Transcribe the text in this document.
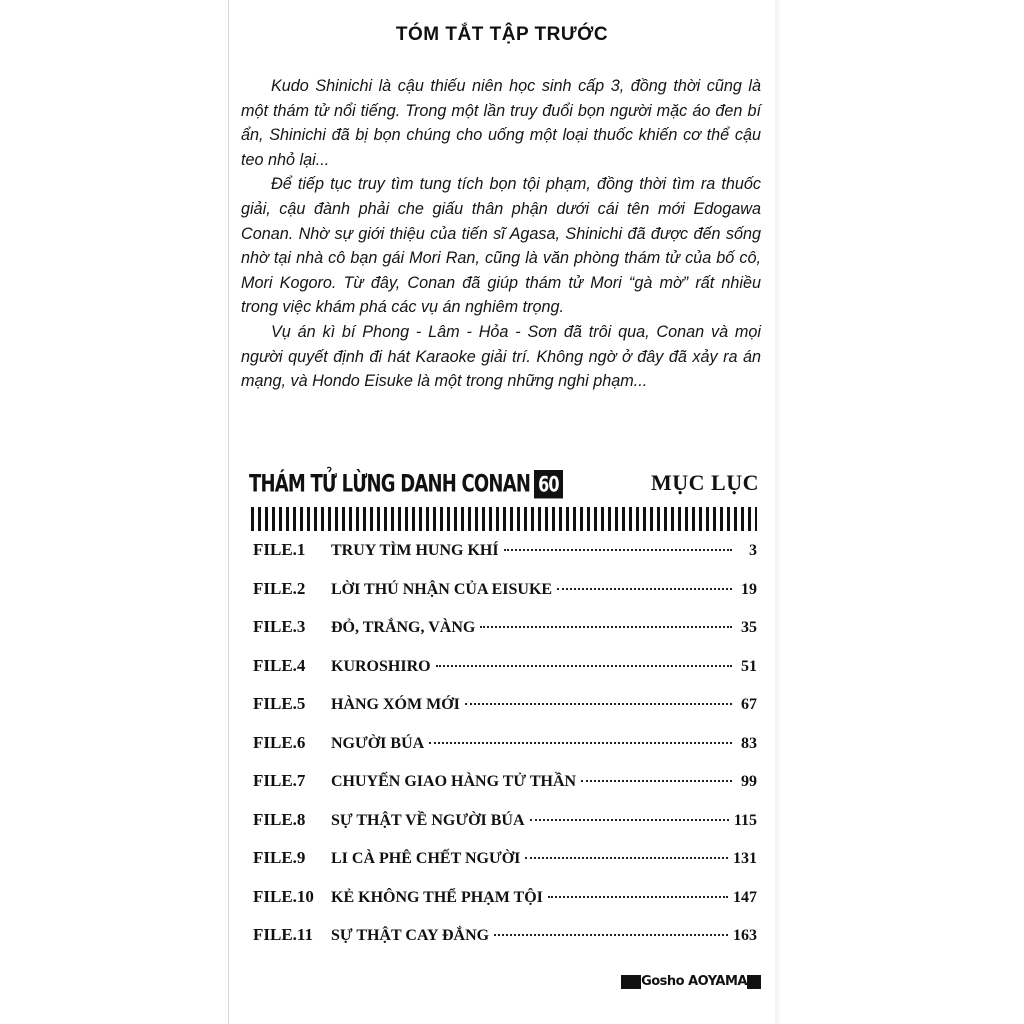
TÓM TẮT TẬP TRƯỚC

Kudo Shinichi là cậu thiếu niên học sinh cấp 3, đồng thời cũng là một thám tử nổi tiếng. Trong một lần truy đuổi bọn người mặc áo đen bí ẩn, Shinichi đã bị bọn chúng cho uống một loại thuốc khiến cơ thể cậu teo nhỏ lại...

Để tiếp tục truy tìm tung tích bọn tội phạm, đồng thời tìm ra thuốc giải, cậu đành phải che giấu thân phận dưới cái tên mới Edogawa Conan. Nhờ sự giới thiệu của tiến sĩ Agasa, Shinichi đã được đến sống nhờ tại nhà cô bạn gái Mori Ran, cũng là văn phòng thám tử của bố cô, Mori Kogoro. Từ đây, Conan đã giúp thám tử Mori “gà mờ” rất nhiều trong việc khám phá các vụ án nghiêm trọng.

Vụ án kì bí Phong - Lâm - Hỏa - Sơn đã trôi qua, Conan và mọi người quyết định đi hát Karaoke giải trí. Không ngờ ở đây đã xảy ra án mạng, và Hondo Eisuke là một trong những nghi phạm...

THÁM TỬ LỪNG DANH CONAN 60	MỤC LỤC
FILE.1	TRUY TÌM HUNG KHÍ	3
FILE.2	LỜI THÚ NHẬN CỦA EISUKE	19
FILE.3	ĐỎ, TRẮNG, VÀNG	35
FILE.4	KUROSHIRO	51
FILE.5	HÀNG XÓM MỚI	67
FILE.6	NGƯỜI BÚA	83
FILE.7	CHUYẾN GIAO HÀNG TỬ THẦN	99
FILE.8	SỰ THẬT VỀ NGƯỜI BÚA	115
FILE.9	LI CÀ PHÊ CHẾT NGƯỜI	131
FILE.10	KẺ KHÔNG THỂ PHẠM TỘI	147
FILE.11	SỰ THẬT CAY ĐẮNG	163
Gosho AOYAMA
